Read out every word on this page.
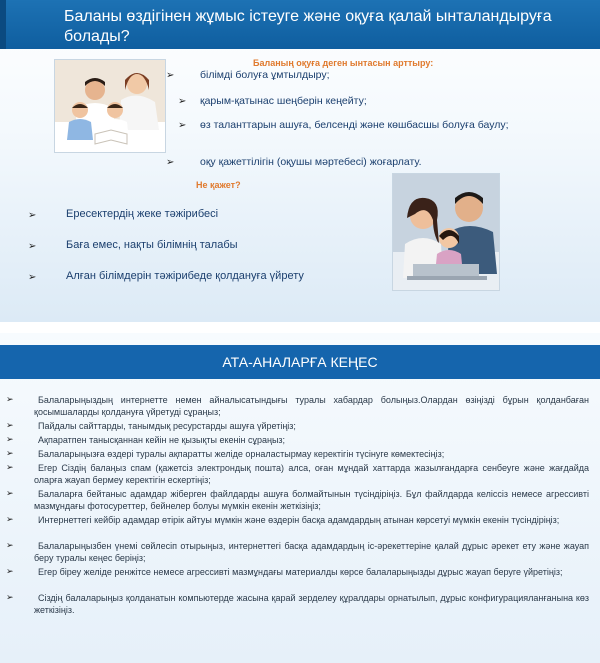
Баланы өздігінен жұмыс істеуге және оқуға қалай ынталандыруға болады?
Баланың оқуға деген ынтасын арттыру:
➢ білімді болуға ұмтылдыру;
➢ қарым-қатынас шеңберін кеңейту;
➢	өз таланттарын ашуға, белсенді және көшбасшы болуға баулу;
➢ оқу қажеттілігін (оқушы мәртебесі) жоғарлату.
Не қажет?
➢	Ересектердің жеке тәжірибесі
➢	Баға емес, нақты білімнің талабы
➢	Алған білімдерін тәжірибеде қолдануға үйрету
АТА-АНАЛАРҒА КЕҢЕС
➢	Балаларыңыздың интернетте немен айналысатындығы туралы хабардар болыңыз.Олардан өзіңізді бұрын қолданбаған қосымшаларды қолдануға үйретуді сұраңыз;
➢	Пайдалы сайттарды, танымдық ресурстарды ашуға үйретіңіз;
➢	Ақпаратпен танысқаннан кейін не қызықты екенін сұраңыз;
➢	Балаларыңызға өздері туралы ақпаратты желіде орналастырмау керектігін түсінуге көмектесіңіз;
➢	Егер Сіздің балаңыз спам (қажетсіз электрондық пошта) алса, оған мұндай хаттарда жазылғандарға сенбеуге және жағдайда оларға жауап бермеу керектігін ескертіңіз;
➢	Балаларға бейтаныс адамдар жіберген файлдарды ашуға болмайтынын түсіндіріңіз. Бұл файлдарда келіссіз немесе агрессивті мазмұндағы фотосуреттер, бейнелер болуы мүмкін екенін жеткізіңіз;
➢	Интернеттегі кейбір адамдар өтірік айтуы мүмкін және өздерін басқа адамдардың атынан көрсетуі мүмкін екенін түсіндіріңіз;
➢	Балаларыңызбен үнемі сөйлесіп отырыңыз, интернеттегі басқа адамдардың іс-әрекеттеріне қалай дұрыс әрекет ету және жауап беру туралы кеңес беріңіз;
➢	Егер біреу желіде ренжітсе немесе агрессивті мазмұндағы материалды көрсе балаларыңызды дұрыс жауап беруге үйретіңіз;
➢	Сіздің балаларыңыз қолданатын компьютерде жасына қарай зерделеу құралдары орнатылып, дұрыс конфигурацияланғанына көз жеткізіңіз.
